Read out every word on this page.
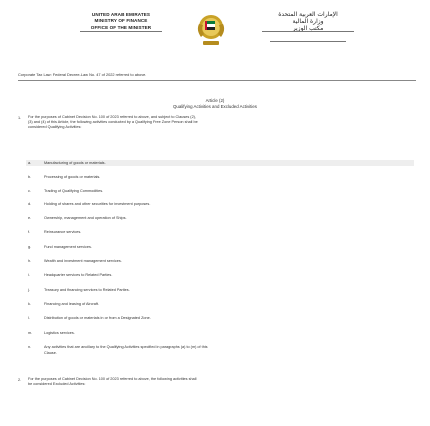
UNITED ARAB EMIRATES
MINISTRY OF FINANCE
OFFICE OF THE MINISTER
الإمارات العربية المتحدة
وزارة المالية
مكتب الوزير
Corporate Tax Law: Federal Decree-Law No. 47 of 2022 referred to above.
Article (2)
Qualifying Activities and Excluded Activities
1. For the purposes of Cabinet Decision No. 100 of 2023 referred to above, and subject to Clauses (2),
(3) and (4) of this Article, the following activities conducted by a Qualifying Free Zone Person shall be
considered Qualifying Activities:
a.	Manufacturing of goods or materials.
b.	Processing of goods or materials.
c.	Trading of Qualifying Commodities.
d.	Holding of shares and other securities for investment purposes.
e.	Ownership, management and operation of Ships.
f.	Reinsurance services.
g.	Fund management services.
h.	Wealth and investment management services.
i.	Headquarter services to Related Parties.
j.	Treasury and financing services to Related Parties.
k.	Financing and leasing of Aircraft.
l.	Distribution of goods or materials in or from a Designated Zone.
m.	Logistics services.
n.	Any activities that are ancillary to the Qualifying Activities specified in paragraphs (a) to (m) of this
Clause.
2. For the purposes of Cabinet Decision No. 100 of 2023 referred to above, the following activities shall
be considered Excluded Activities:
